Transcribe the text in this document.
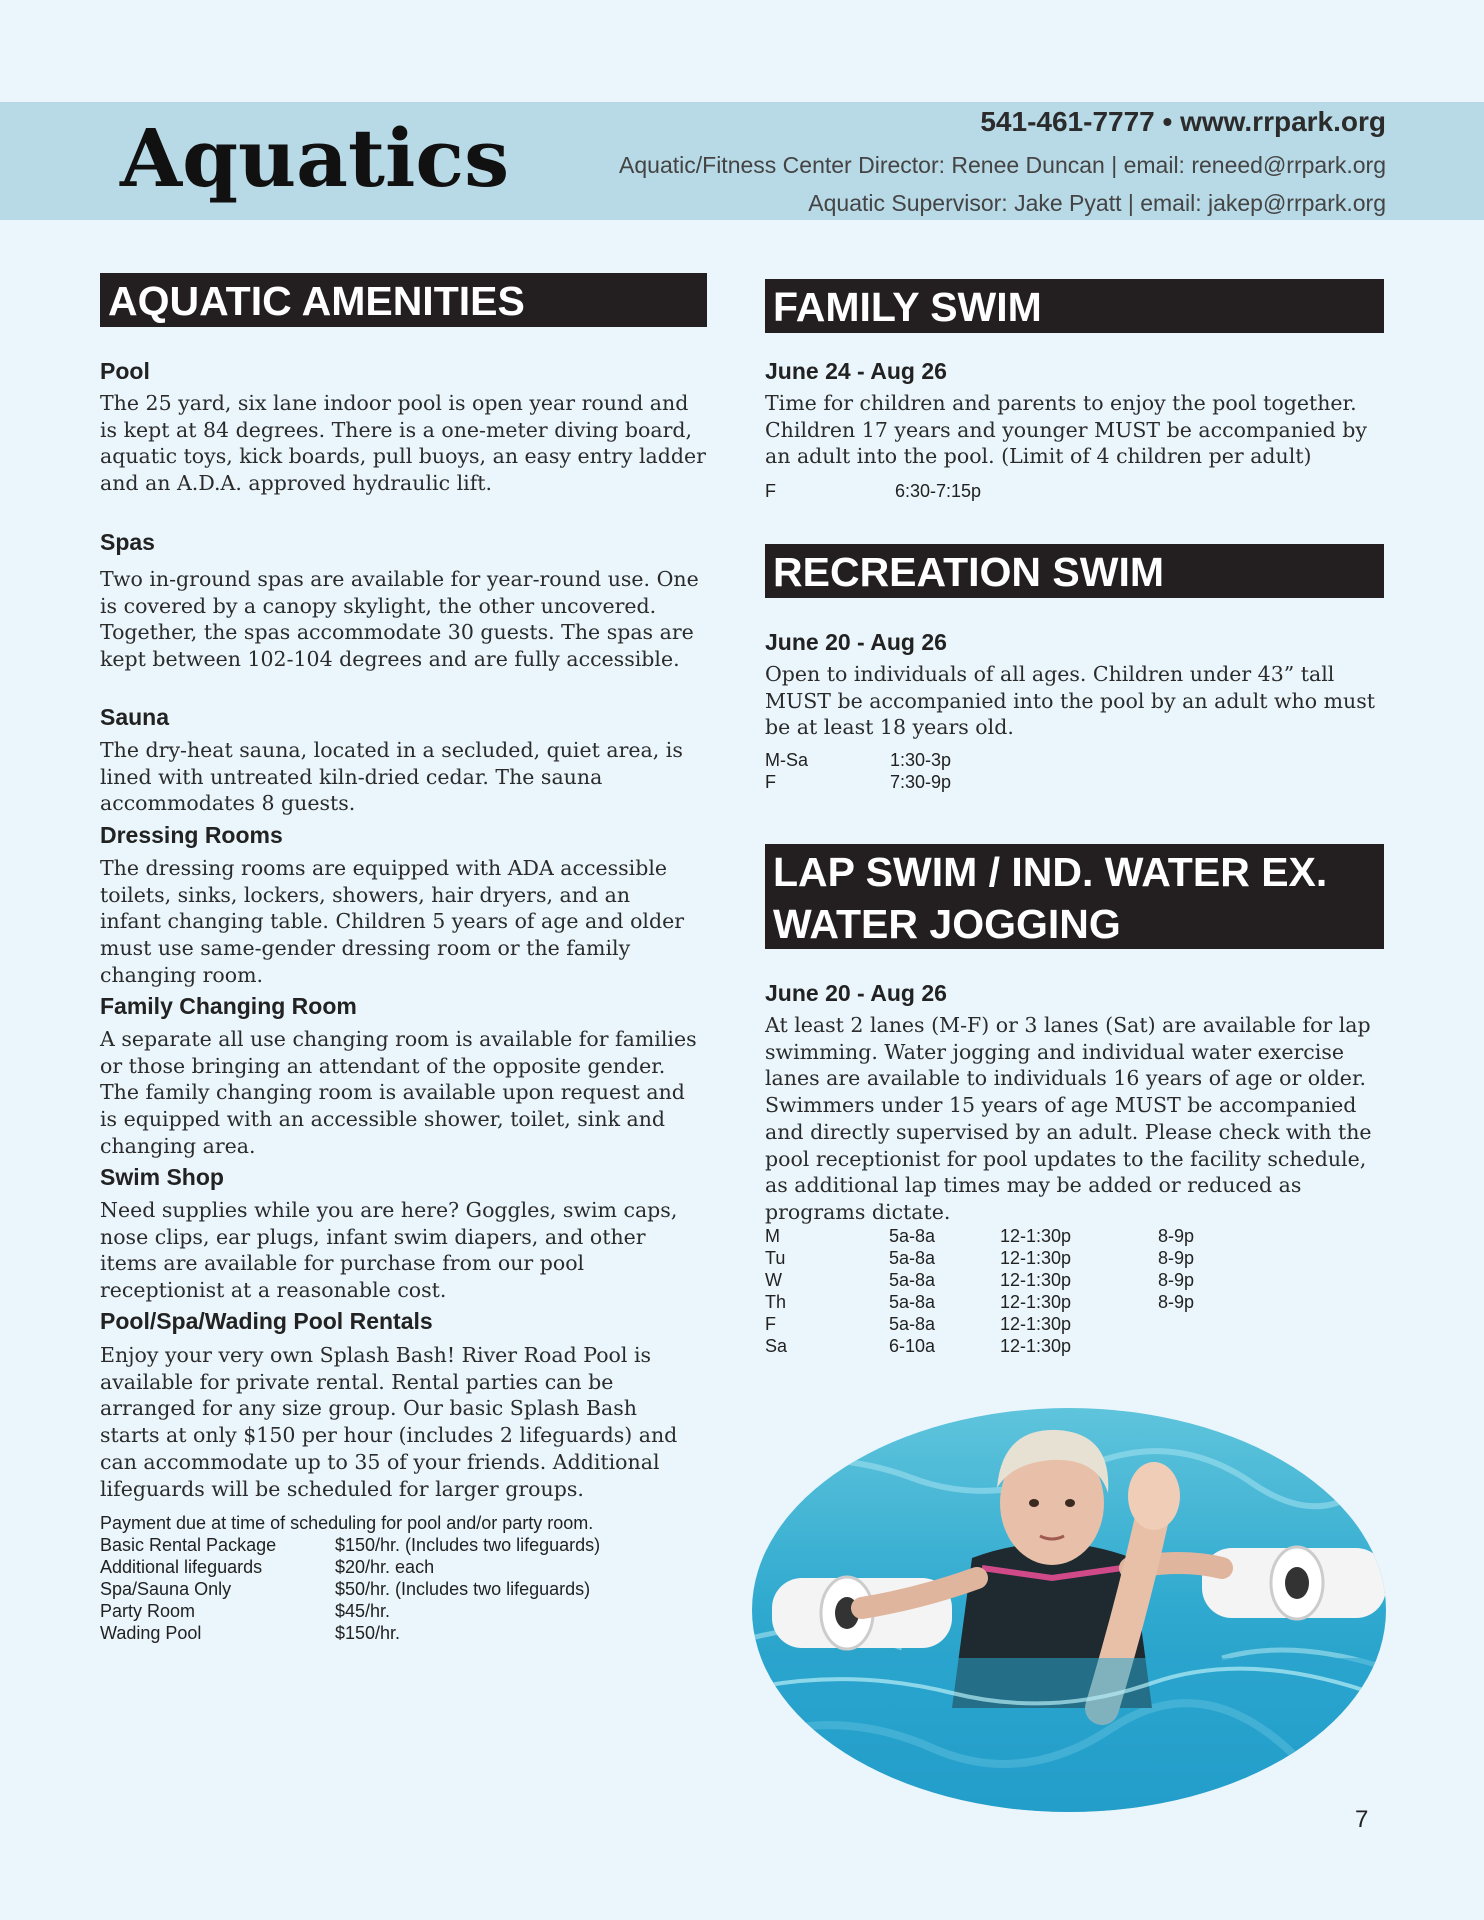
Aquatics	541-461-7777 • www.rrpark.org
Aquatic/Fitness Center Director: Renee Duncan | email: reneed@rrpark.org
Aquatic Supervisor: Jake Pyatt | email: jakep@rrpark.org
AQUATIC AMENITIES
Pool

The 25 yard, six lane indoor pool is open year round and is kept at 84 degrees. There is a one-meter diving board, aquatic toys, kick boards, pull buoys, an easy entry ladder and an A.D.A. approved hydraulic lift.

Spas

Two in-ground spas are available for year-round use. One is covered by a canopy skylight, the other uncovered. Together, the spas accommodate 30 guests. The spas are kept between 102-104 degrees and are fully accessible.

Sauna

The dry-heat sauna, located in a secluded, quiet area, is lined with untreated kiln-dried cedar. The sauna accommodates 8 guests.

Dressing Rooms

The dressing rooms are equipped with ADA accessible toilets, sinks, lockers, showers, hair dryers, and an infant changing table. Children 5 years of age and older must use same-gender dressing room or the family changing room.

Family Changing Room

A separate all use changing room is available for families or those bringing an attendant of the opposite gender. The family changing room is available upon request and is equipped with an accessible shower, toilet, sink and changing area.

Swim Shop

Need supplies while you are here? Goggles, swim caps, nose clips, ear plugs, infant swim diapers, and other items are available for purchase from our pool receptionist at a reasonable cost.

Pool/Spa/Wading Pool Rentals

Enjoy your very own Splash Bash! River Road Pool is available for private rental. Rental parties can be arranged for any size group. Our basic Splash Bash starts at only $150 per hour (includes 2 lifeguards) and can accommodate up to 35 of your friends. Additional lifeguards will be scheduled for larger groups.

Payment due at time of scheduling for pool and/or party room.
Basic Rental Package	$150/hr. (Includes two lifeguards)
Additional lifeguards	$20/hr. each
Spa/Sauna Only	$50/hr. (Includes two lifeguards)
Party Room	$45/hr.
Wading Pool	$150/hr.
FAMILY SWIM
June 24 - Aug 26

Time for children and parents to enjoy the pool together. Children 17 years and younger MUST be accompanied by an adult into the pool. (Limit of 4 children per adult)

F	6:30-7:15p
RECREATION SWIM
June 20 - Aug 26

Open to individuals of all ages. Children under 43” tall MUST be accompanied into the pool by an adult who must be at least 18 years old.

M-Sa	1:30-3p
F	7:30-9p
LAP SWIM / IND. WATER EX.
WATER JOGGING
June 20 - Aug 26

At least 2 lanes (M-F) or 3 lanes (Sat) are available for lap swimming. Water jogging and individual water exercise lanes are available to individuals 16 years of age or older. Swimmers under 15 years of age MUST be accompanied and directly supervised by an adult. Please check with the pool receptionist for pool updates to the facility schedule, as additional lap times may be added or reduced as programs dictate.

M	5a-8a	12-1:30p	8-9p
Tu	5a-8a	12-1:30p	8-9p
W	5a-8a	12-1:30p	8-9p
Th	5a-8a	12-1:30p	8-9p
F	5a-8a	12-1:30p
Sa	6-10a	12-1:30p
7
